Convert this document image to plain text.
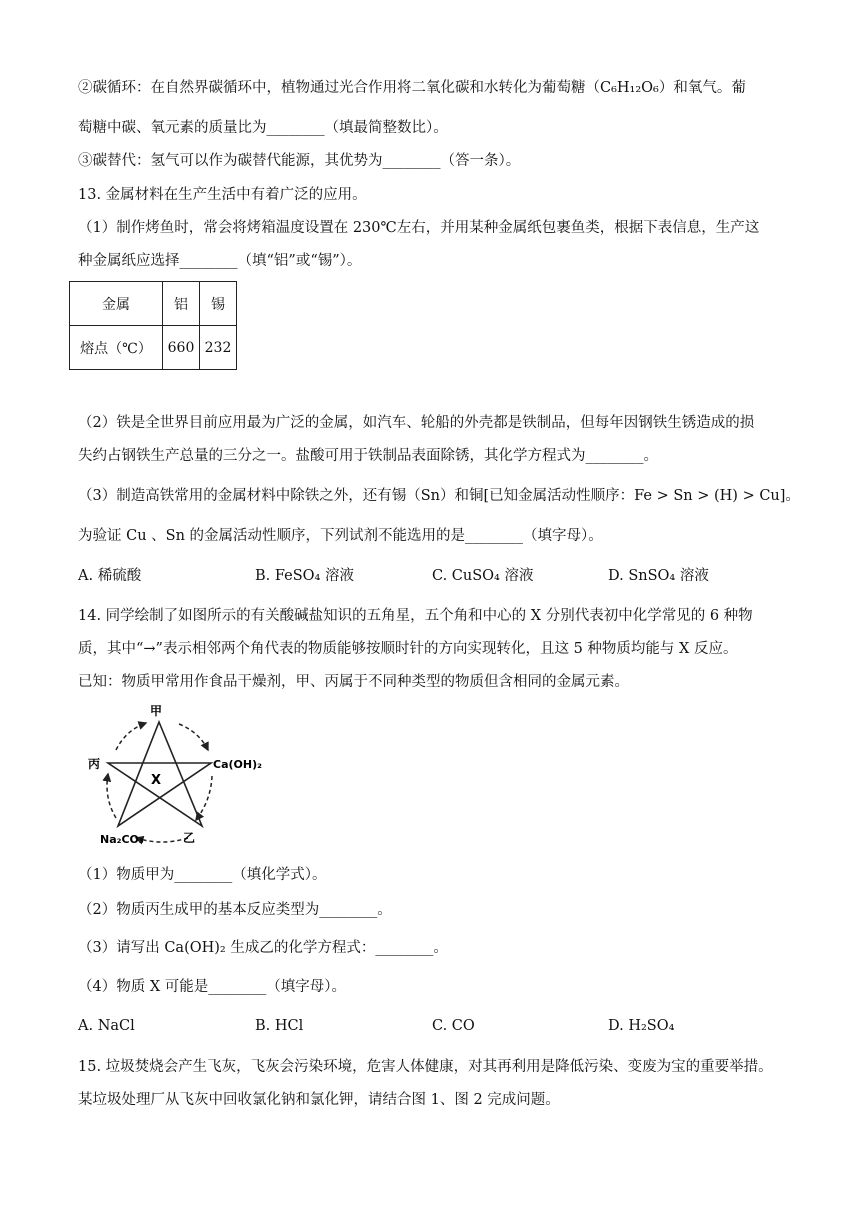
②碳循环：在自然界碳循环中，植物通过光合作用将二氧化碳和水转化为葡萄糖（C₆H₁₂O₆）和氧气。葡
萄糖中碳、氧元素的质量比为________（填最简整数比）。
③碳替代：氢气可以作为碳替代能源，其优势为________（答一条）。
13. 金属材料在生产生活中有着广泛的应用。
（1）制作烤鱼时，常会将烤箱温度设置在 230℃左右，并用某种金属纸包裹鱼类，根据下表信息，生产这
种金属纸应选择________（填“铝”或“锡”）。
金属	铝	锡
熔点（℃）	660	232
（2）铁是全世界目前应用最为广泛的金属，如汽车、轮船的外壳都是铁制品，但每年因钢铁生锈造成的损
失约占钢铁生产总量的三分之一。盐酸可用于铁制品表面除锈，其化学方程式为________。
（3）制造高铁常用的金属材料中除铁之外，还有锡（Sn）和铜[已知金属活动性顺序：Fe > Sn > (H) > Cu]。
为验证 Cu 、Sn 的金属活动性顺序，下列试剂不能选用的是________（填字母）。
A. 稀硫酸	B. FeSO₄ 溶液	C. CuSO₄ 溶液	D. SnSO₄ 溶液
14. 同学绘制了如图所示的有关酸碱盐知识的五角星，五个角和中心的 X 分别代表初中化学常见的 6 种物
质，其中“→”表示相邻两个角代表的物质能够按顺时针的方向实现转化，且这 5 种物质均能与 X 反应。
已知：物质甲常用作食品干燥剂，甲、丙属于不同种类型的物质但含相同的金属元素。
甲
Ca(OH)₂
乙
Na₂CO₃
丙
X
（1）物质甲为________（填化学式）。
（2）物质丙生成甲的基本反应类型为________。
（3）请写出 Ca(OH)₂ 生成乙的化学方程式：________。
（4）物质 X 可能是________（填字母）。
A. NaCl	B. HCl	C. CO	D. H₂SO₄
15. 垃圾焚烧会产生飞灰，飞灰会污染环境，危害人体健康，对其再利用是降低污染、变废为宝的重要举措。
某垃圾处理厂从飞灰中回收氯化钠和氯化钾，请结合图 1、图 2 完成问题。
